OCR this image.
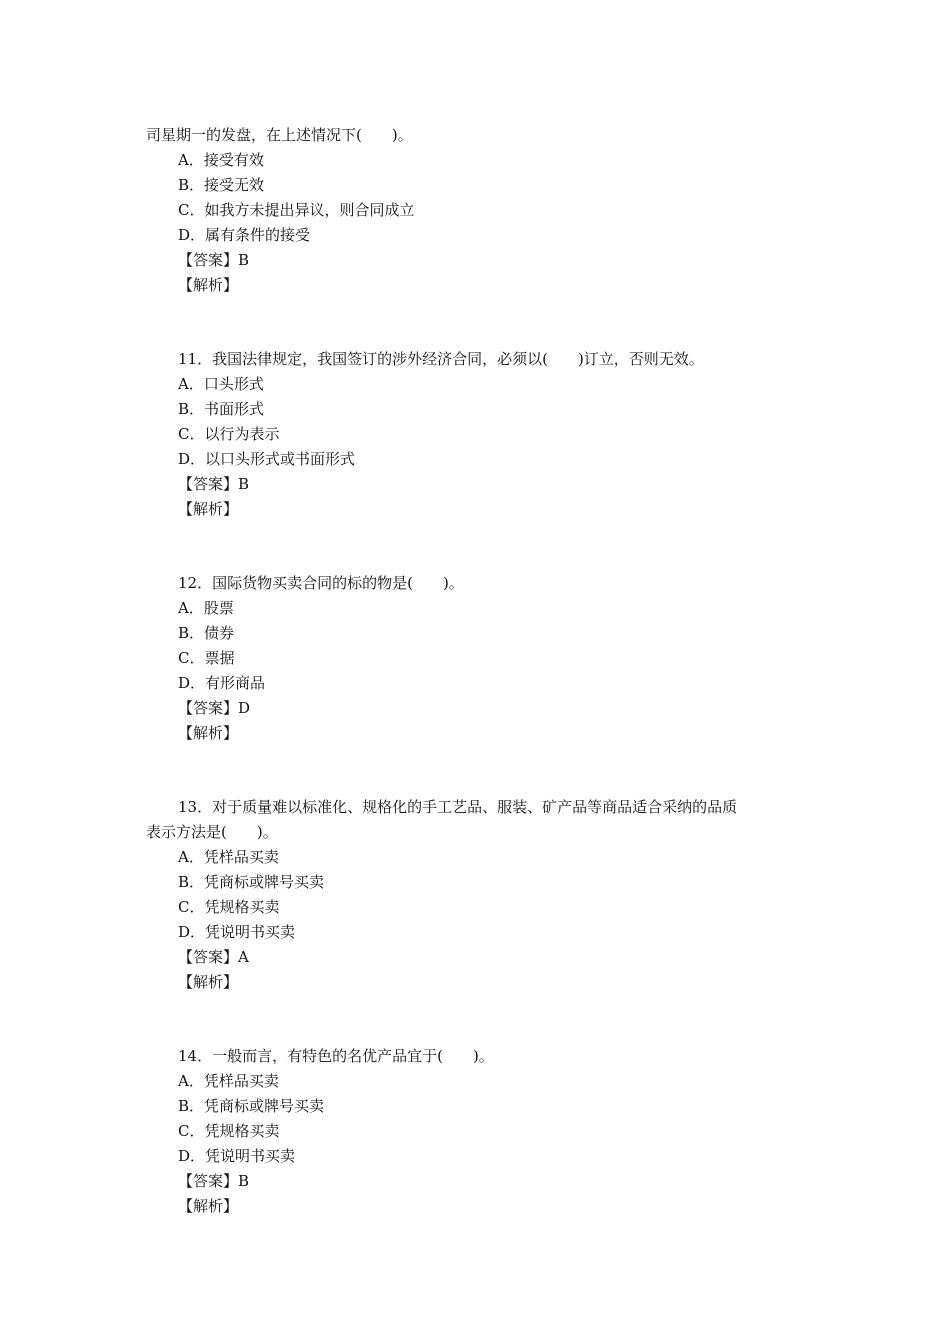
司星期一的发盘，在上述情况下(　　)。
A．接受有效
B．接受无效
C．如我方未提出异议，则合同成立
D．属有条件的接受
【答案】B
【解析】
11．我国法律规定，我国签订的涉外经济合同，必须以(　　)订立，否则无效。
A．口头形式
B．书面形式
C．以行为表示
D．以口头形式或书面形式
【答案】B
【解析】
12．国际货物买卖合同的标的物是(　　)。
A．股票
B．债券
C．票据
D．有形商品
【答案】D
【解析】
13．对于质量难以标准化、规格化的手工艺品、服装、矿产品等商品适合采纳的品质
表示方法是(　　)。
A．凭样品买卖
B．凭商标或牌号买卖
C．凭规格买卖
D．凭说明书买卖
【答案】A
【解析】
14．一般而言，有特色的名优产品宜于(　　)。
A．凭样品买卖
B．凭商标或牌号买卖
C．凭规格买卖
D．凭说明书买卖
【答案】B
【解析】
